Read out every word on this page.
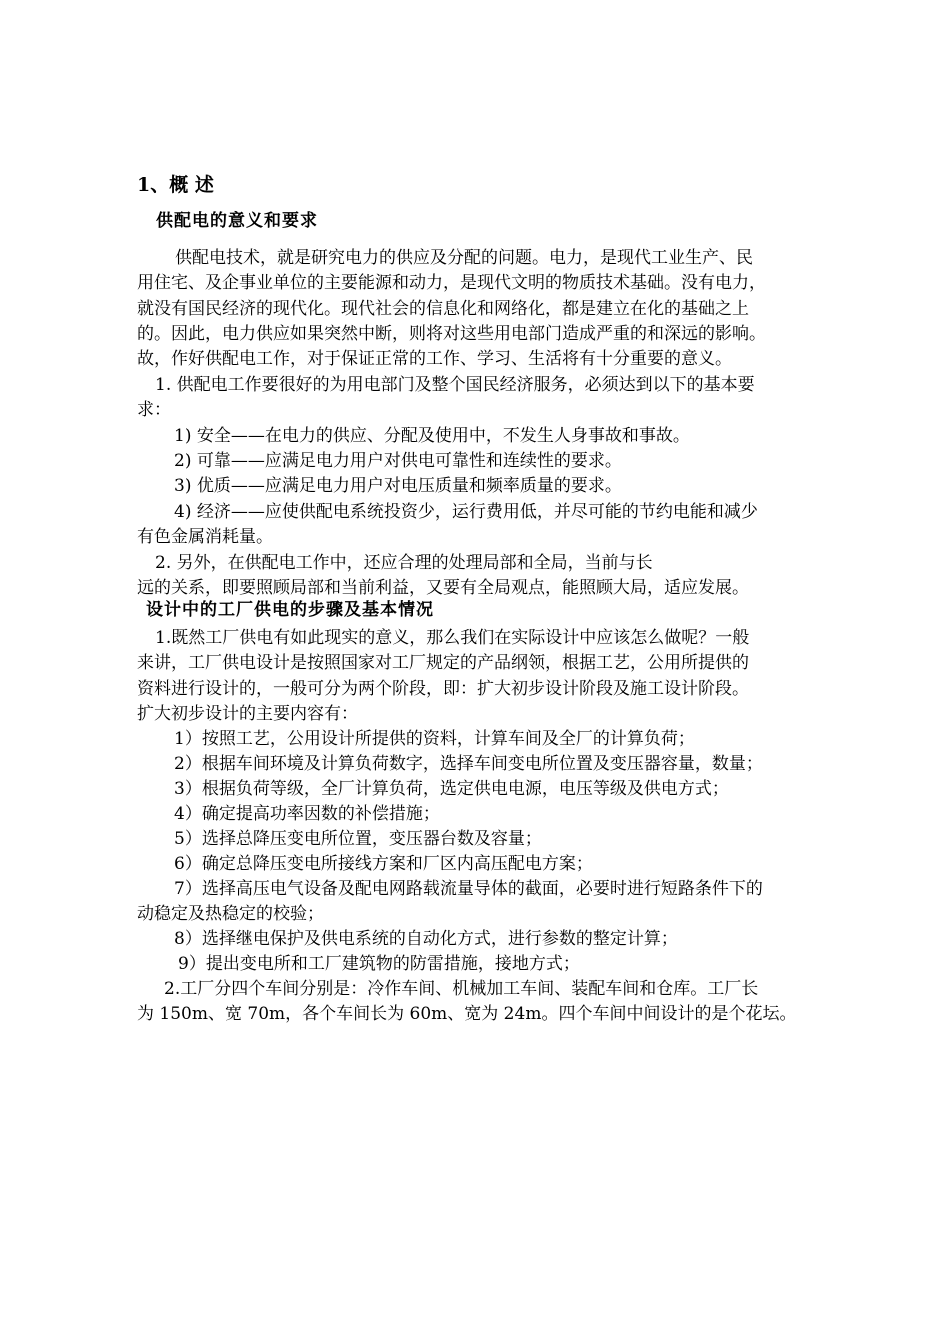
1、概 述
供配电的意义和要求
供配电技术，就是研究电力的供应及分配的问题。电力，是现代工业生产、民
用住宅、及企事业单位的主要能源和动力，是现代文明的物质技术基础。没有电力，
就没有国民经济的现代化。现代社会的信息化和网络化，都是建立在化的基础之上
的。因此，电力供应如果突然中断，则将对这些用电部门造成严重的和深远的影响。
故，作好供配电工作，对于保证正常的工作、学习、生活将有十分重要的意义。
1. 供配电工作要很好的为用电部门及整个国民经济服务，必须达到以下的基本要
求：
1) 安全——在电力的供应、分配及使用中，不发生人身事故和事故。
2) 可靠——应满足电力用户对供电可靠性和连续性的要求。
3) 优质——应满足电力用户对电压质量和频率质量的要求。
4) 经济——应使供配电系统投资少，运行费用低，并尽可能的节约电能和减少
有色金属消耗量。
2. 另外，在供配电工作中，还应合理的处理局部和全局，当前与长
远的关系，即要照顾局部和当前利益，又要有全局观点，能照顾大局，适应发展。
设计中的工厂供电的步骤及基本情况
1.既然工厂供电有如此现实的意义，那么我们在实际设计中应该怎么做呢？一般
来讲，工厂供电设计是按照国家对工厂规定的产品纲领，根据工艺，公用所提供的
资料进行设计的，一般可分为两个阶段，即：扩大初步设计阶段及施工设计阶段。
扩大初步设计的主要内容有：
1）按照工艺，公用设计所提供的资料，计算车间及全厂的计算负荷；
2）根据车间环境及计算负荷数字，选择车间变电所位置及变压器容量，数量；
3）根据负荷等级，全厂计算负荷，选定供电电源，电压等级及供电方式；
4）确定提高功率因数的补偿措施；
5）选择总降压变电所位置，变压器台数及容量；
6）确定总降压变电所接线方案和厂区内高压配电方案；
7）选择高压电气设备及配电网路载流量导体的截面，必要时进行短路条件下的
动稳定及热稳定的校验；
8）选择继电保护及供电系统的自动化方式，进行参数的整定计算；
9）提出变电所和工厂建筑物的防雷措施，接地方式；
2.工厂分四个车间分别是：冷作车间、机械加工车间、装配车间和仓库。工厂长
为 150m、宽 70m，各个车间长为 60m、宽为 24m。四个车间中间设计的是个花坛。
